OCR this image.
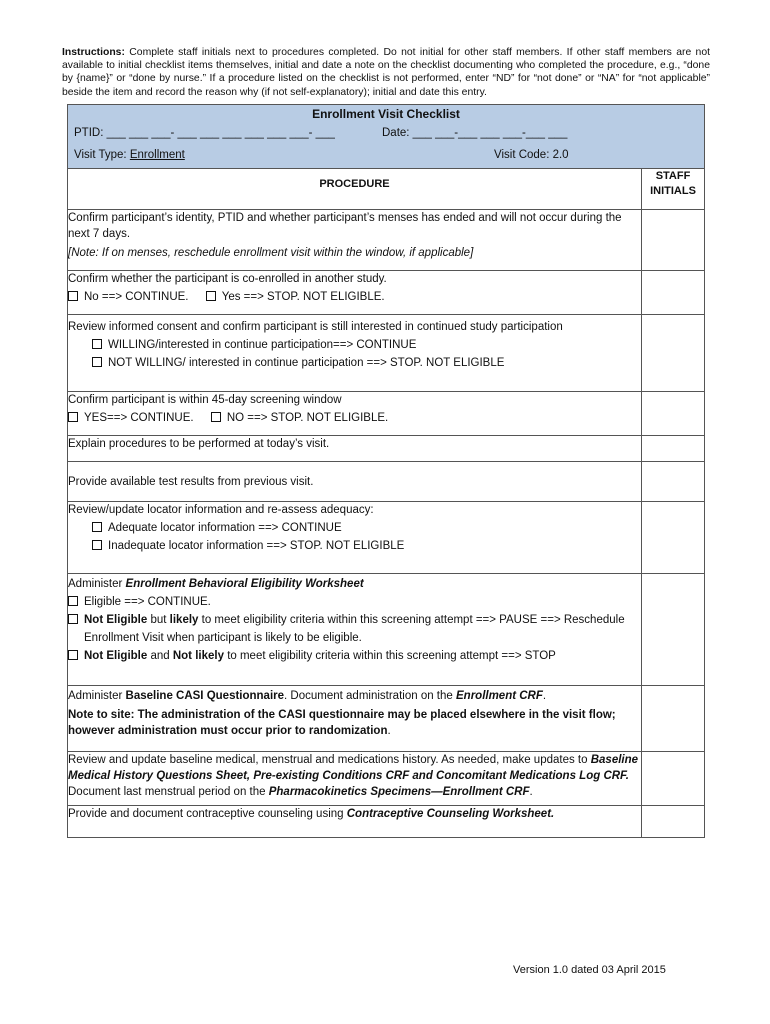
Instructions: Complete staff initials next to procedures completed. Do not initial for other staff members. If other staff members are not available to initial checklist items themselves, initial and date a note on the checklist documenting who completed the procedure, e.g., “done by {name}” or “done by nurse.” If a procedure listed on the checklist is not performed, enter “ND” for “not done” or “NA” for “not applicable” beside the item and record the reason why (if not self-explanatory); initial and date this entry.
Enrollment Visit Checklist
PTID: ___ ___ ___- ___ ___ ___ ___ ___ ___- ___ Date: ___ ___-___ ___ ___-___ ___
Visit Type: Enrollment Visit Code: 2.0	

PROCEDURE	STAFF
INITIALS

Confirm participant’s identity, PTID and whether participant’s menses has ended and will not occur during the next 7 days.
[Note: If on menses, reschedule enrollment visit within the window, if applicable]	

Confirm whether the participant is co-enrolled in another study.
No ==> CONTINUE. Yes ==> STOP. NOT ELIGIBLE.	

Review informed consent and confirm participant is still interested in continued study participation
WILLING/interested in continue participation==> CONTINUE
NOT WILLING/ interested in continue participation ==> STOP. NOT ELIGIBLE	

Confirm participant is within 45-day screening window
YES==> CONTINUE. NO ==> STOP. NOT ELIGIBLE.	

Explain procedures to be performed at today’s visit.	

Provide available test results from previous visit.	

Review/update locator information and re-assess adequacy:
Adequate locator information ==> CONTINUE
Inadequate locator information ==> STOP. NOT ELIGIBLE	

Administer Enrollment Behavioral Eligibility Worksheet
Eligible ==> CONTINUE.
Not Eligible but likely to meet eligibility criteria within this screening attempt ==> PAUSE ==> Reschedule
Enrollment Visit when participant is likely to be eligible.
Not Eligible and Not likely to meet eligibility criteria within this screening attempt ==> STOP	

Administer Baseline CASI Questionnaire. Document administration on the Enrollment CRF.
Note to site: The administration of the CASI questionnaire may be placed elsewhere in the visit flow; however administration must occur prior to randomization.	

Review and update baseline medical, menstrual and medications history. As needed, make updates to Baseline Medical History Questions Sheet, Pre-existing Conditions CRF and Concomitant Medications Log CRF. Document last menstrual period on the Pharmacokinetics Specimens—Enrollment CRF.	
Provide and document contraceptive counseling using Contraceptive Counseling Worksheet.	
Version 1.0 dated 03 April 2015
